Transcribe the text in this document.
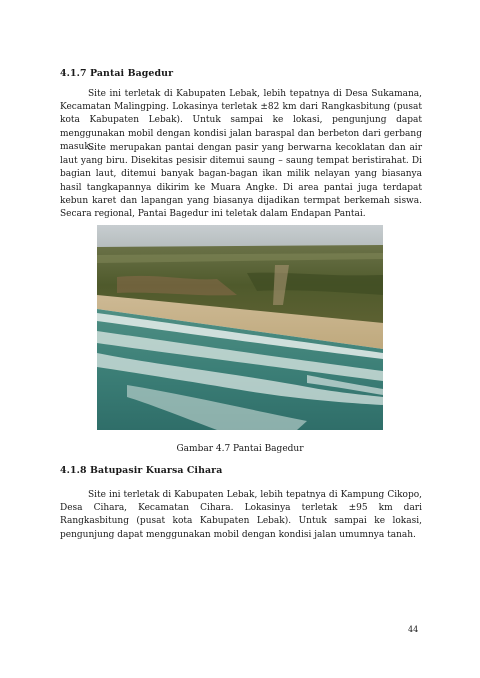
4.1.7 Pantai Bagedur

Site ini terletak di Kabupaten Lebak, lebih tepatnya di Desa Sukamana, Kecamatan Malingping. Lokasinya terletak ±82 km dari Rangkasbitung (pusat kota Kabupaten Lebak). Untuk sampai ke lokasi, pengunjung dapat menggunakan mobil dengan kondisi jalan baraspal dan berbeton dari gerbang masuk.

Site merupakan pantai dengan pasir yang berwarna kecoklatan dan air laut yang biru. Disekitas pesisir ditemui saung – saung tempat beristirahat. Di bagian laut, ditemui banyak bagan-bagan ikan milik nelayan yang biasanya hasil tangkapannya dikirim ke Muara Angke. Di area pantai juga terdapat kebun karet dan lapangan yang biasanya dijadikan termpat berkemah siswa. Secara regional, Pantai Bagedur ini teletak dalam Endapan Pantai.

Gambar 4.7 Pantai Bagedur
4.1.8 Batupasir Kuarsa Cihara

Site ini terletak di Kabupaten Lebak, lebih tepatnya di Kampung Cikopo, Desa Cihara, Kecamatan Cihara. Lokasinya terletak ±95 km dari Rangkasbitung (pusat kota Kabupaten Lebak). Untuk sampai ke lokasi, pengunjung dapat menggunakan mobil dengan kondisi jalan umumnya tanah.

44
